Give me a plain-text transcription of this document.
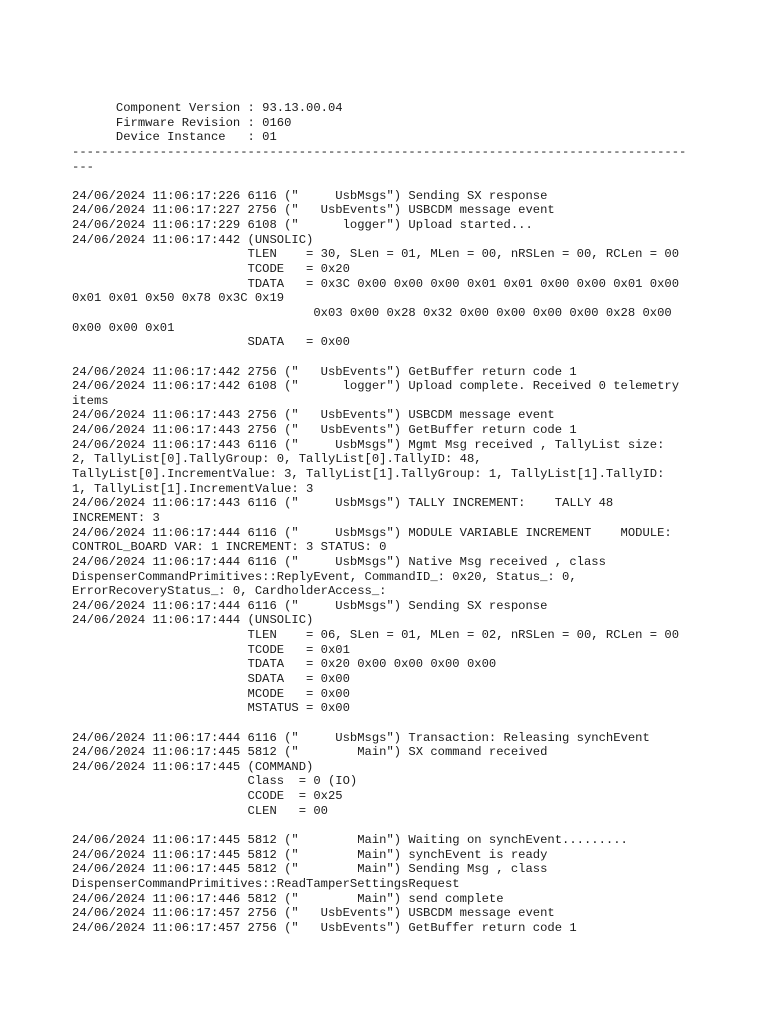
Component Version : 93.13.00.04
Firmware Revision : 0160
Device Instance   : 01
------------------------------------------------------------------------------------
---
24/06/2024 11:06:17:226 6116 ("     UsbMsgs") Sending SX response
24/06/2024 11:06:17:227 2756 ("   UsbEvents") USBCDM message event
24/06/2024 11:06:17:229 6108 ("      logger") Upload started...
24/06/2024 11:06:17:442 (UNSOLIC)
TLEN    = 30, SLen = 01, MLen = 00, nRSLen = 00, RCLen = 00
TCODE   = 0x20
TDATA   = 0x3C 0x00 0x00 0x00 0x01 0x01 0x00 0x00 0x01 0x00
0x01 0x01 0x50 0x78 0x3C 0x19
0x03 0x00 0x28 0x32 0x00 0x00 0x00 0x00 0x28 0x00
0x00 0x00 0x01
SDATA   = 0x00
24/06/2024 11:06:17:442 2756 ("   UsbEvents") GetBuffer return code 1
24/06/2024 11:06:17:442 6108 ("      logger") Upload complete. Received 0 telemetry
items
24/06/2024 11:06:17:443 2756 ("   UsbEvents") USBCDM message event
24/06/2024 11:06:17:443 2756 ("   UsbEvents") GetBuffer return code 1
24/06/2024 11:06:17:443 6116 ("     UsbMsgs") Mgmt Msg received , TallyList size:
2, TallyList[0].TallyGroup: 0, TallyList[0].TallyID: 48,
TallyList[0].IncrementValue: 3, TallyList[1].TallyGroup: 1, TallyList[1].TallyID:
1, TallyList[1].IncrementValue: 3
24/06/2024 11:06:17:443 6116 ("     UsbMsgs") TALLY INCREMENT:    TALLY 48
INCREMENT: 3
24/06/2024 11:06:17:444 6116 ("     UsbMsgs") MODULE VARIABLE INCREMENT    MODULE:
CONTROL_BOARD VAR: 1 INCREMENT: 3 STATUS: 0
24/06/2024 11:06:17:444 6116 ("     UsbMsgs") Native Msg received , class
DispenserCommandPrimitives::ReplyEvent, CommandID_: 0x20, Status_: 0,
ErrorRecoveryStatus_: 0, CardholderAccess_:
24/06/2024 11:06:17:444 6116 ("     UsbMsgs") Sending SX response
24/06/2024 11:06:17:444 (UNSOLIC)
TLEN    = 06, SLen = 01, MLen = 02, nRSLen = 00, RCLen = 00
TCODE   = 0x01
TDATA   = 0x20 0x00 0x00 0x00 0x00
SDATA   = 0x00
MCODE   = 0x00
MSTATUS = 0x00
24/06/2024 11:06:17:444 6116 ("     UsbMsgs") Transaction: Releasing synchEvent
24/06/2024 11:06:17:445 5812 ("        Main") SX command received
24/06/2024 11:06:17:445 (COMMAND)
Class  = 0 (IO)
CCODE  = 0x25
CLEN   = 00
24/06/2024 11:06:17:445 5812 ("        Main") Waiting on synchEvent.........
24/06/2024 11:06:17:445 5812 ("        Main") synchEvent is ready
24/06/2024 11:06:17:445 5812 ("        Main") Sending Msg , class
DispenserCommandPrimitives::ReadTamperSettingsRequest
24/06/2024 11:06:17:446 5812 ("        Main") send complete
24/06/2024 11:06:17:457 2756 ("   UsbEvents") USBCDM message event
24/06/2024 11:06:17:457 2756 ("   UsbEvents") GetBuffer return code 1
